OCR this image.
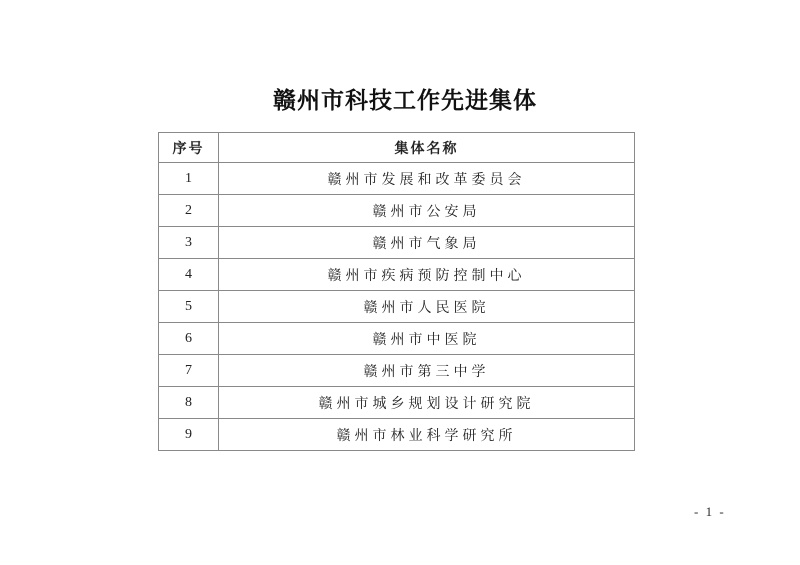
赣州市科技工作先进集体
序号	集体名称
1	赣州市发展和改革委员会
2	赣州市公安局
3	赣州市气象局
4	赣州市疾病预防控制中心
5	赣州市人民医院
6	赣州市中医院
7	赣州市第三中学
8	赣州市城乡规划设计研究院
9	赣州市林业科学研究所
- 1 -
